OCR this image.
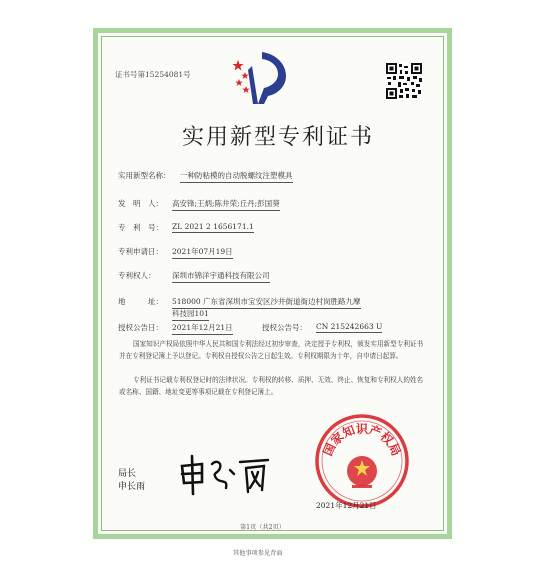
证书号第15254081号
实用新型专利证书
实用新型名称： 一种防粘模的自动脱螺纹注塑模具
发　明　人： 高安锋;王炳;陈井荣;丘丹;彭国葵
专　利　号： ZL 2021 2 1656171.1
专利申请日： 2021年07月19日
专利权人： 深圳市锦洋宇通科技有限公司
地　　　址： 518000 广东省深圳市宝安区沙井街道衙边村岗胜路九摩
科技园101
授权公告日： 2021年12月21日	授权公告号： CN 215242663 U
国家知识产权局依照中华人民共和国专利法经过初步审查，决定授予专利权，颁发实用新型专利证书并在专利登记簿上予以登记。专利权自授权公告之日起生效。专利权期限为十年，自申请日起算。
专利证书记载专利权登记时的法律状况。专利权的转移、质押、无效、终止、恢复和专利权人的姓名或名称、国籍、地址变更等事项记载在专利登记簿上。
局长
申长雨
国家知识产权局
2021年12月21日
第1页（共2页）
其他事项参见背面
